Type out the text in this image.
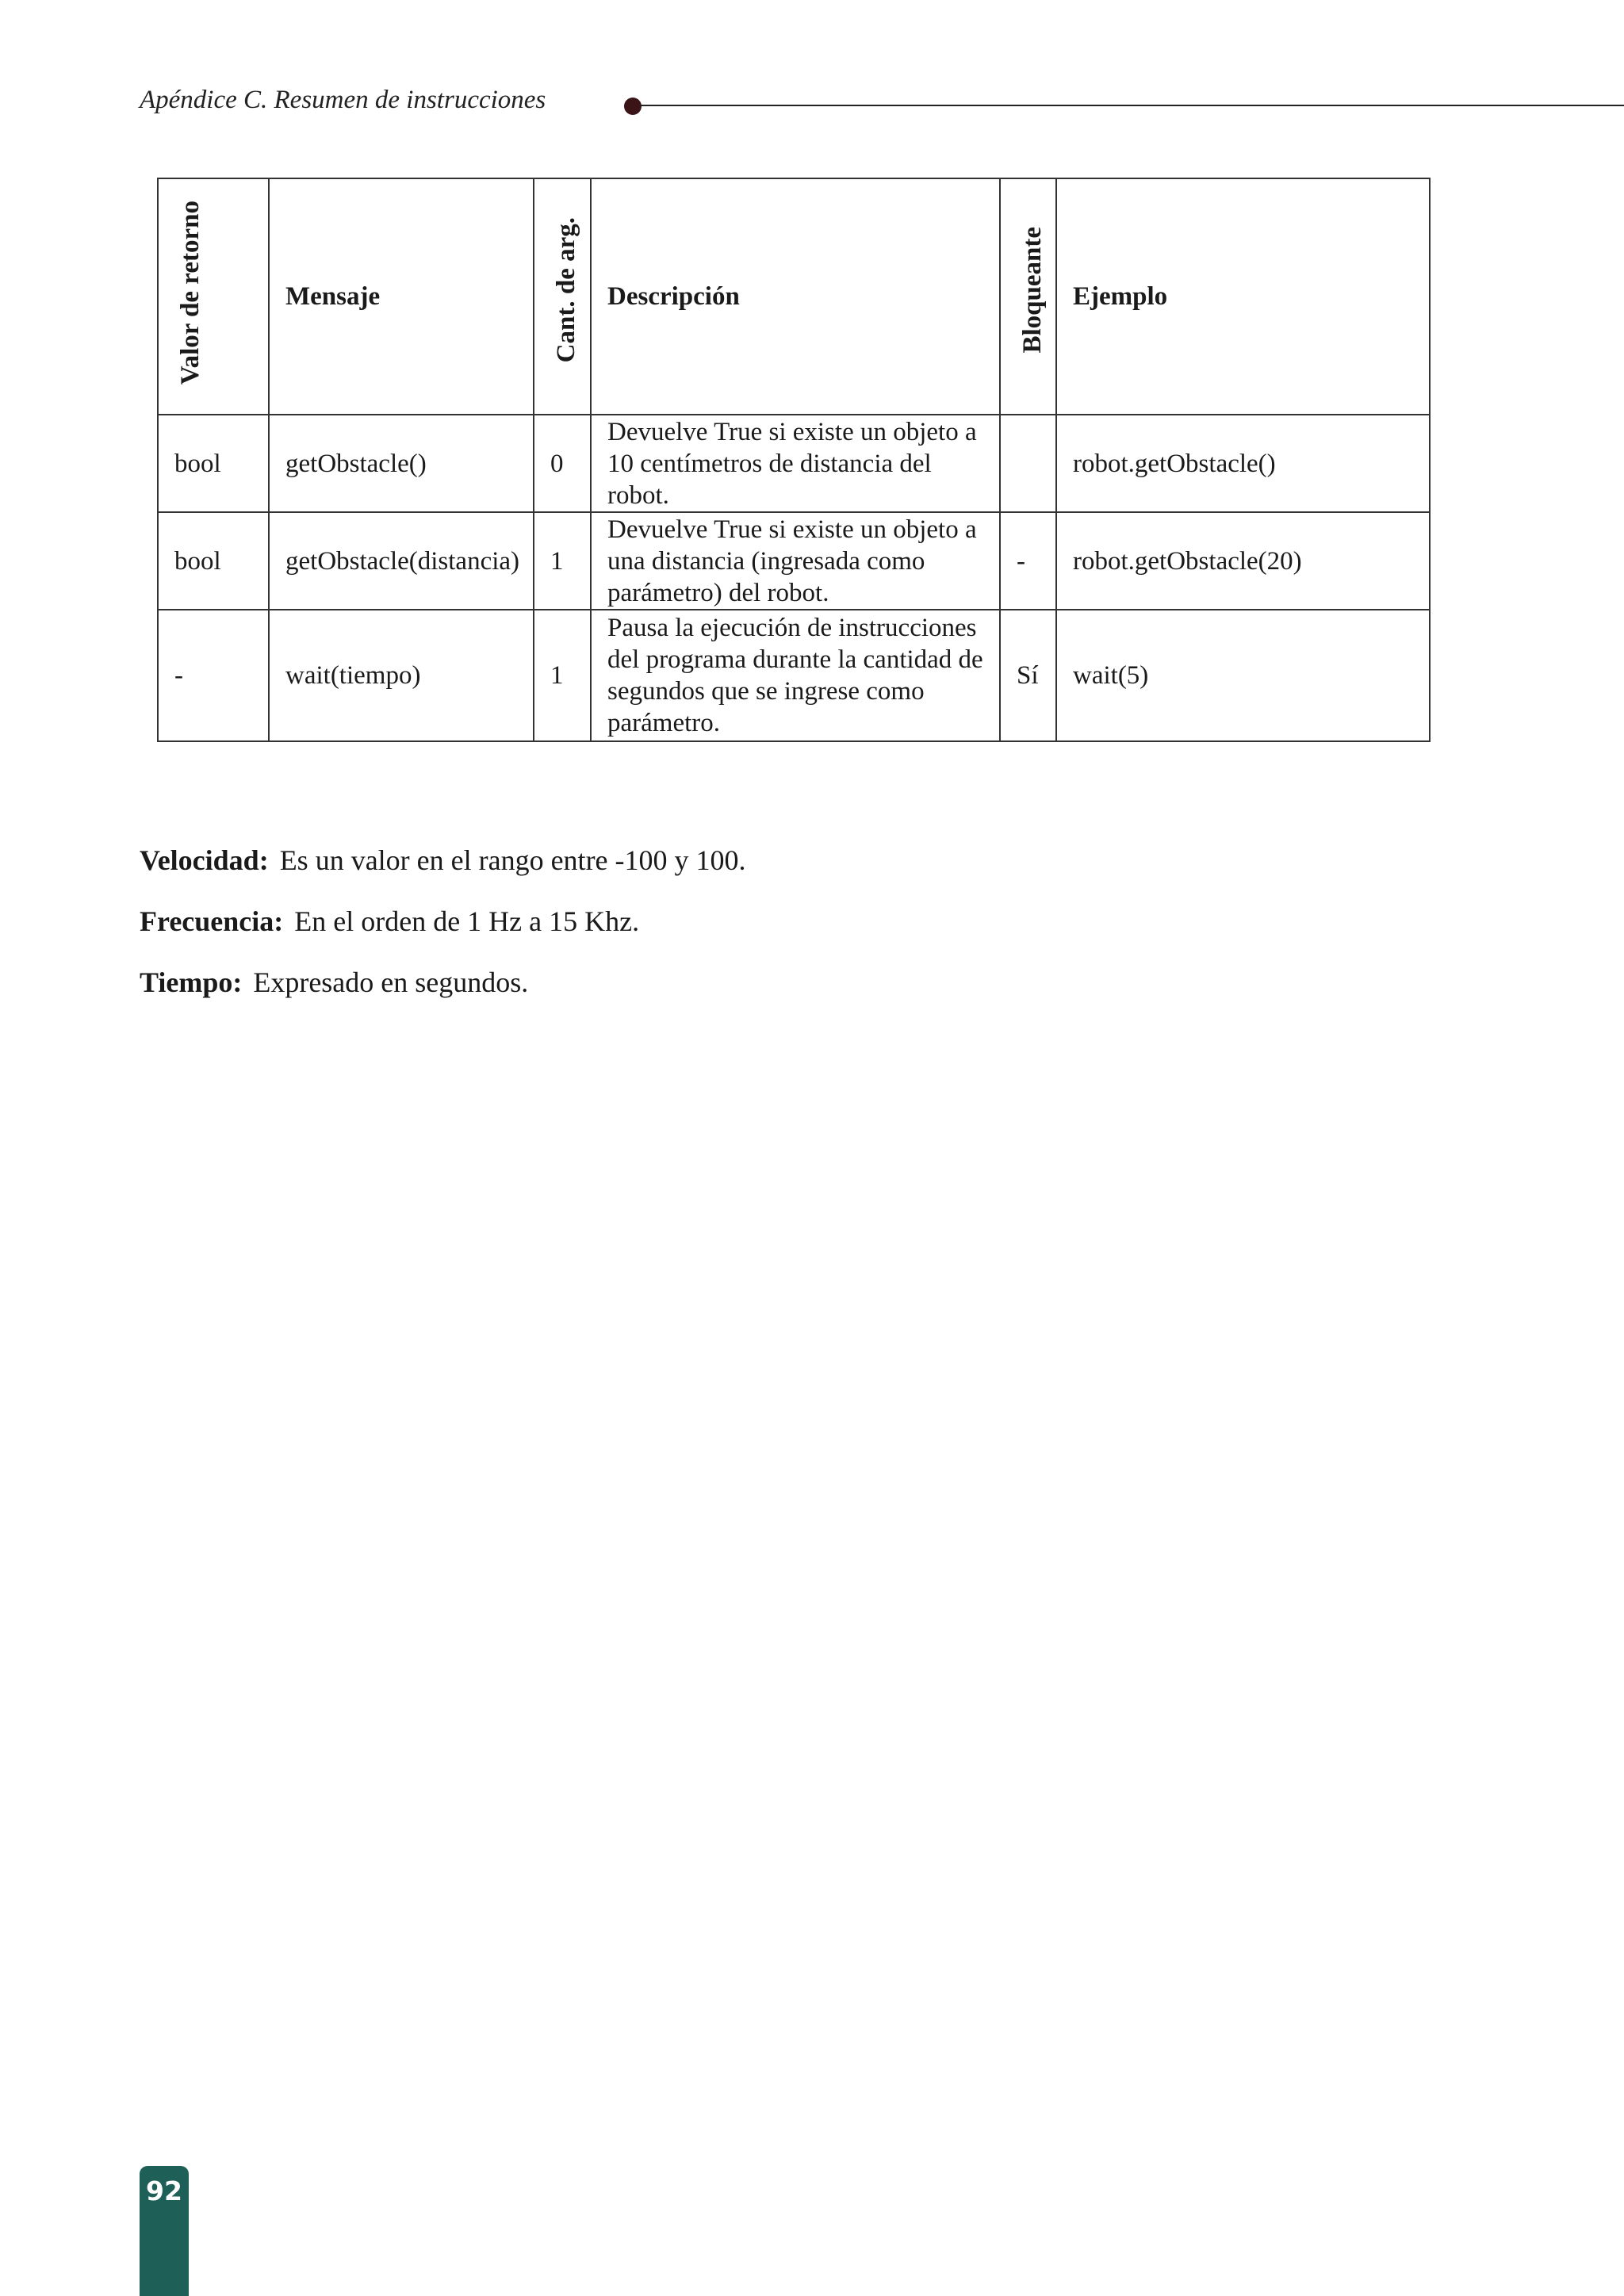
Apéndice C. Resumen de instrucciones
Valor de retorno	Mensaje	Cant. de arg.	Descripción	Bloqueante	Ejemplo
bool	getObstacle()	0	Devuelve True si existe un objeto a 10 centímetros de distancia del robot.		robot.getObstacle()
bool	getObstacle(distancia)	1	Devuelve True si existe un objeto a una distancia (ingresada como parámetro) del robot.	-	robot.getObstacle(20)
-	wait(tiempo)	1	Pausa la ejecución de instrucciones del programa durante la cantidad de segundos que se ingrese como parámetro.	Sí	wait(5)

Velocidad: Es un valor en el rango entre -100 y 100.

Frecuencia: En el orden de 1 Hz a 15 Khz.

Tiempo: Expresado en segundos.

92
